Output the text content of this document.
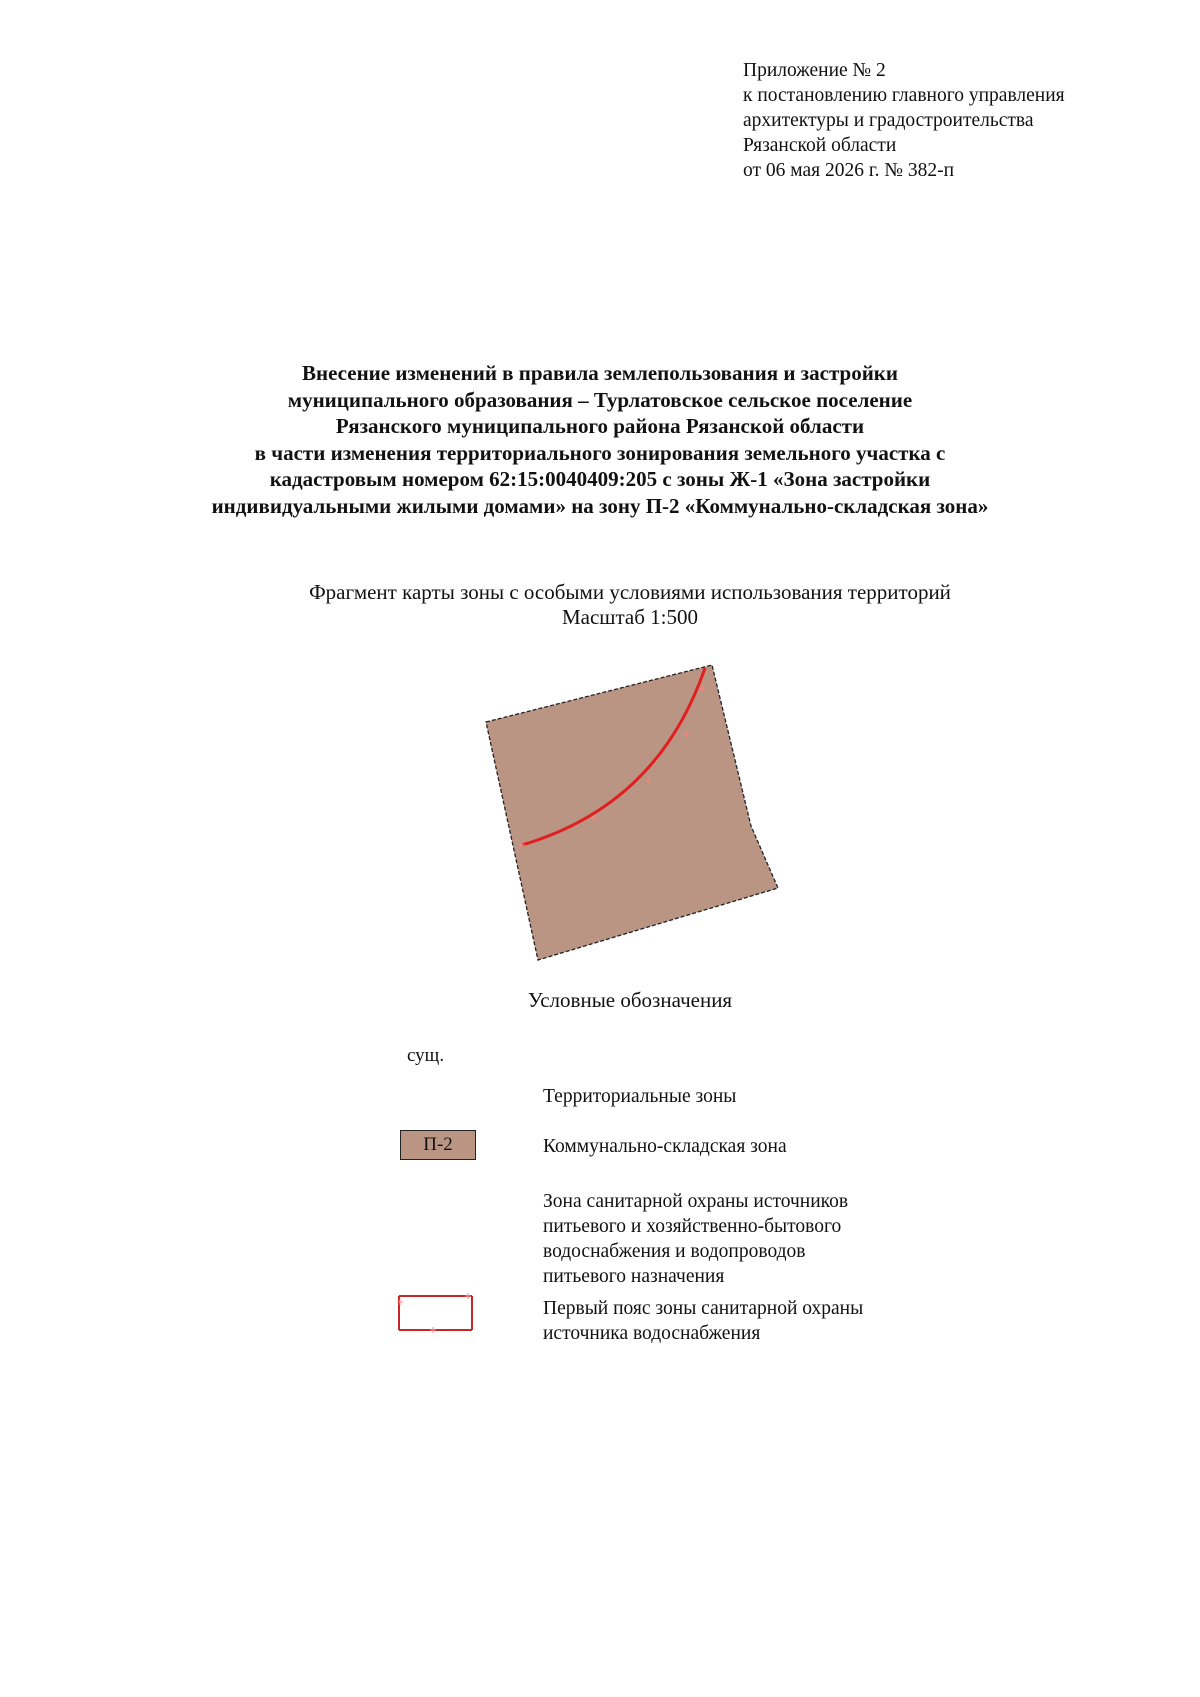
Приложение № 2
к постановлению главного управления
архитектуры и градостроительства
Рязанской области
от 06 мая 2026 г. № 382-п
Внесение изменений в правила землепользования и застройки
муниципального образования – Турлатовское сельское поселение
Рязанского муниципального района Рязанской области
в части изменения территориального зонирования земельного участка с
кадастровым номером 62:15:0040409:205 с зоны Ж-1 «Зона застройки
индивидуальными жилыми домами» на зону П-2 «Коммунально-складская зона»
Фрагмент карты зоны с особыми условиями использования территорий
Масштаб 1:500
Условные обозначения
сущ.
Территориальные зоны
П-2	Коммунально-складская зона
Зона санитарной охраны источников
питьевого и хозяйственно-бытового
водоснабжения и водопроводов
питьевого назначения
Первый пояс зоны санитарной охраны
источника водоснабжения
